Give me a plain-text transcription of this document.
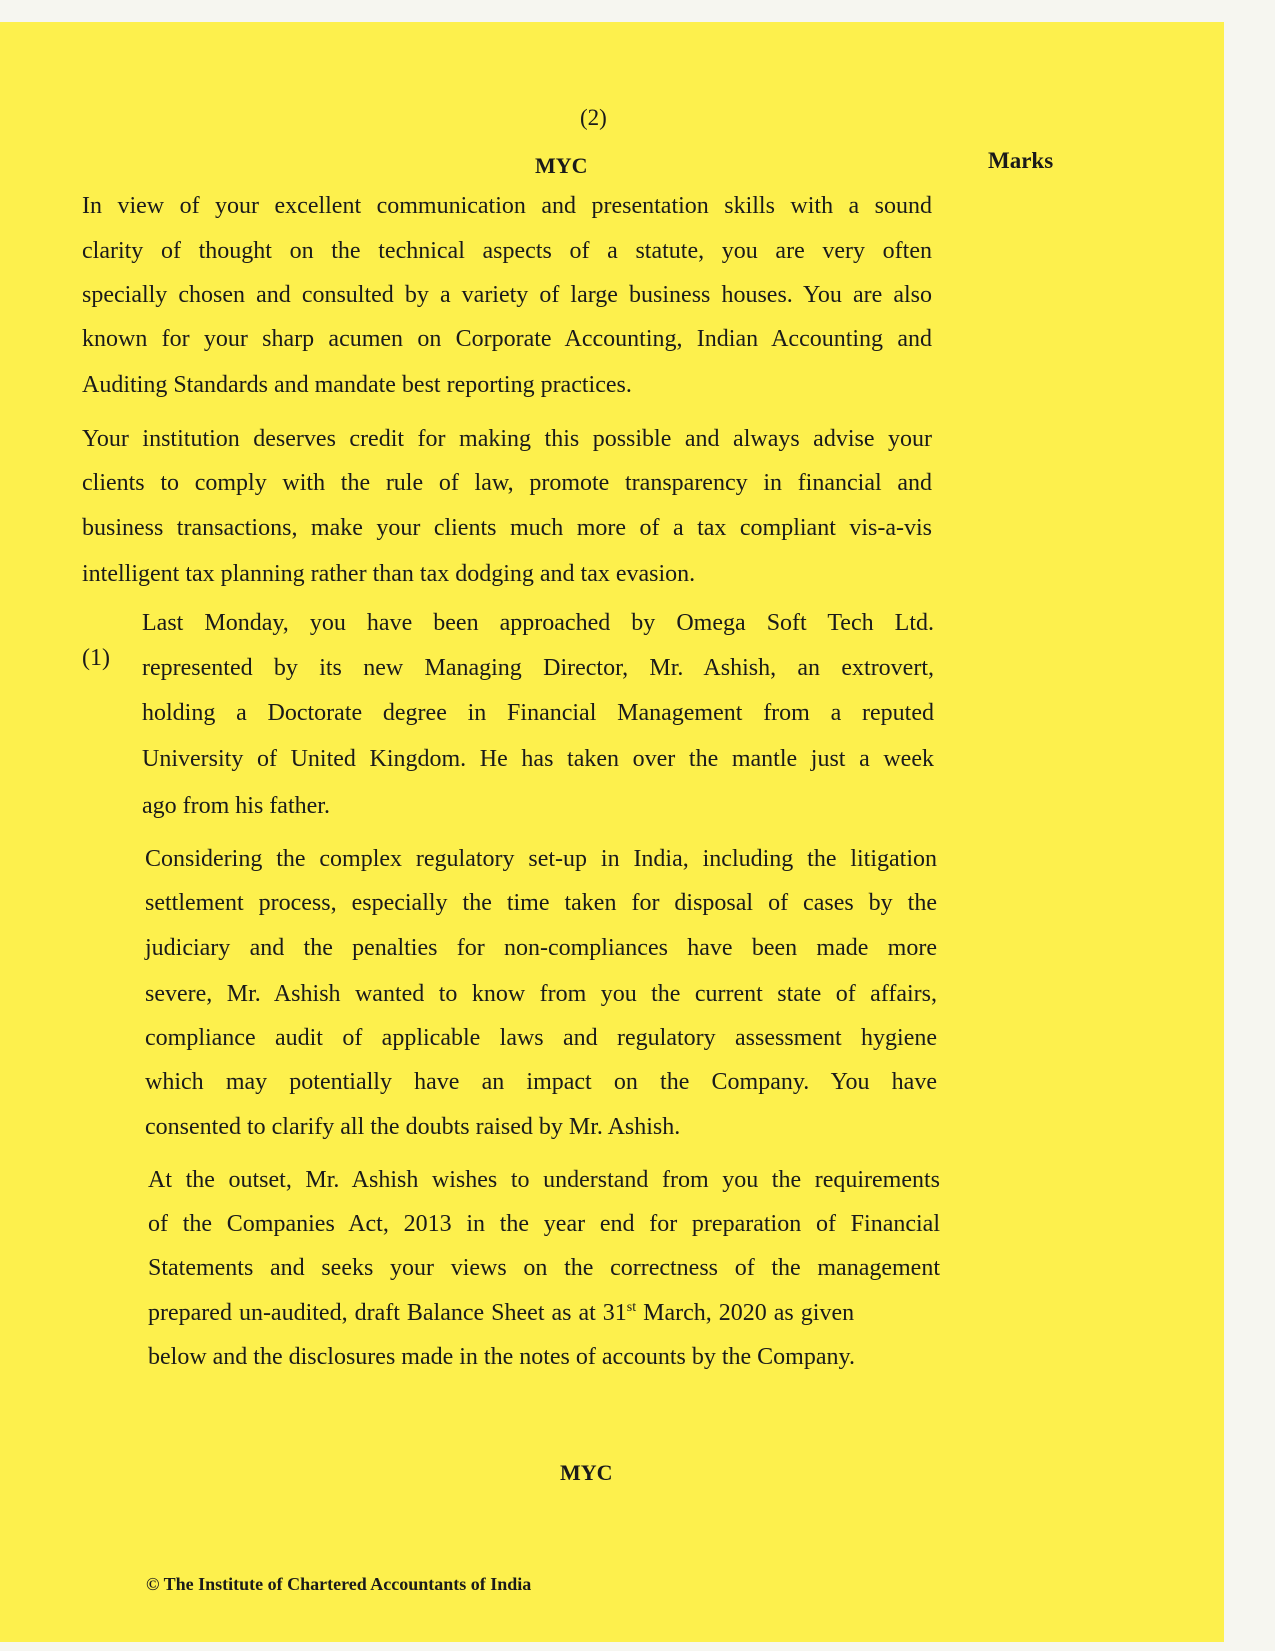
(2)
MYC	Marks
In view of your excellent communication and presentation skills with a sound
clarity of thought on the technical aspects of a statute, you are very often
specially chosen and consulted by a variety of large business houses. You are also
known for your sharp acumen on Corporate Accounting, Indian Accounting and
Auditing Standards and mandate best reporting practices.
Your institution deserves credit for making this possible and always advise your
clients to comply with the rule of law, promote transparency in financial and
business transactions, make your clients much more of a tax compliant vis-a-vis
intelligent tax planning rather than tax dodging and tax evasion.
(1)
Last Monday, you have been approached by Omega Soft Tech Ltd.
represented by its new Managing Director, Mr. Ashish, an extrovert,
holding a Doctorate degree in Financial Management from a reputed
University of United Kingdom. He has taken over the mantle just a week
ago from his father.
Considering the complex regulatory set-up in India, including the litigation
settlement process, especially the time taken for disposal of cases by the
judiciary and the penalties for non-compliances have been made more
severe, Mr. Ashish wanted to know from you the current state of affairs,
compliance audit of applicable laws and regulatory assessment hygiene
which may potentially have an impact on the Company. You have
consented to clarify all the doubts raised by Mr. Ashish.
At the outset, Mr. Ashish wishes to understand from you the requirements
of the Companies Act, 2013 in the year end for preparation of Financial
Statements and seeks your views on the correctness of the management
prepared un-audited, draft Balance Sheet as at 31st March, 2020 as given
below and the disclosures made in the notes of accounts by the Company.
MYC
© The Institute of Chartered Accountants of India
